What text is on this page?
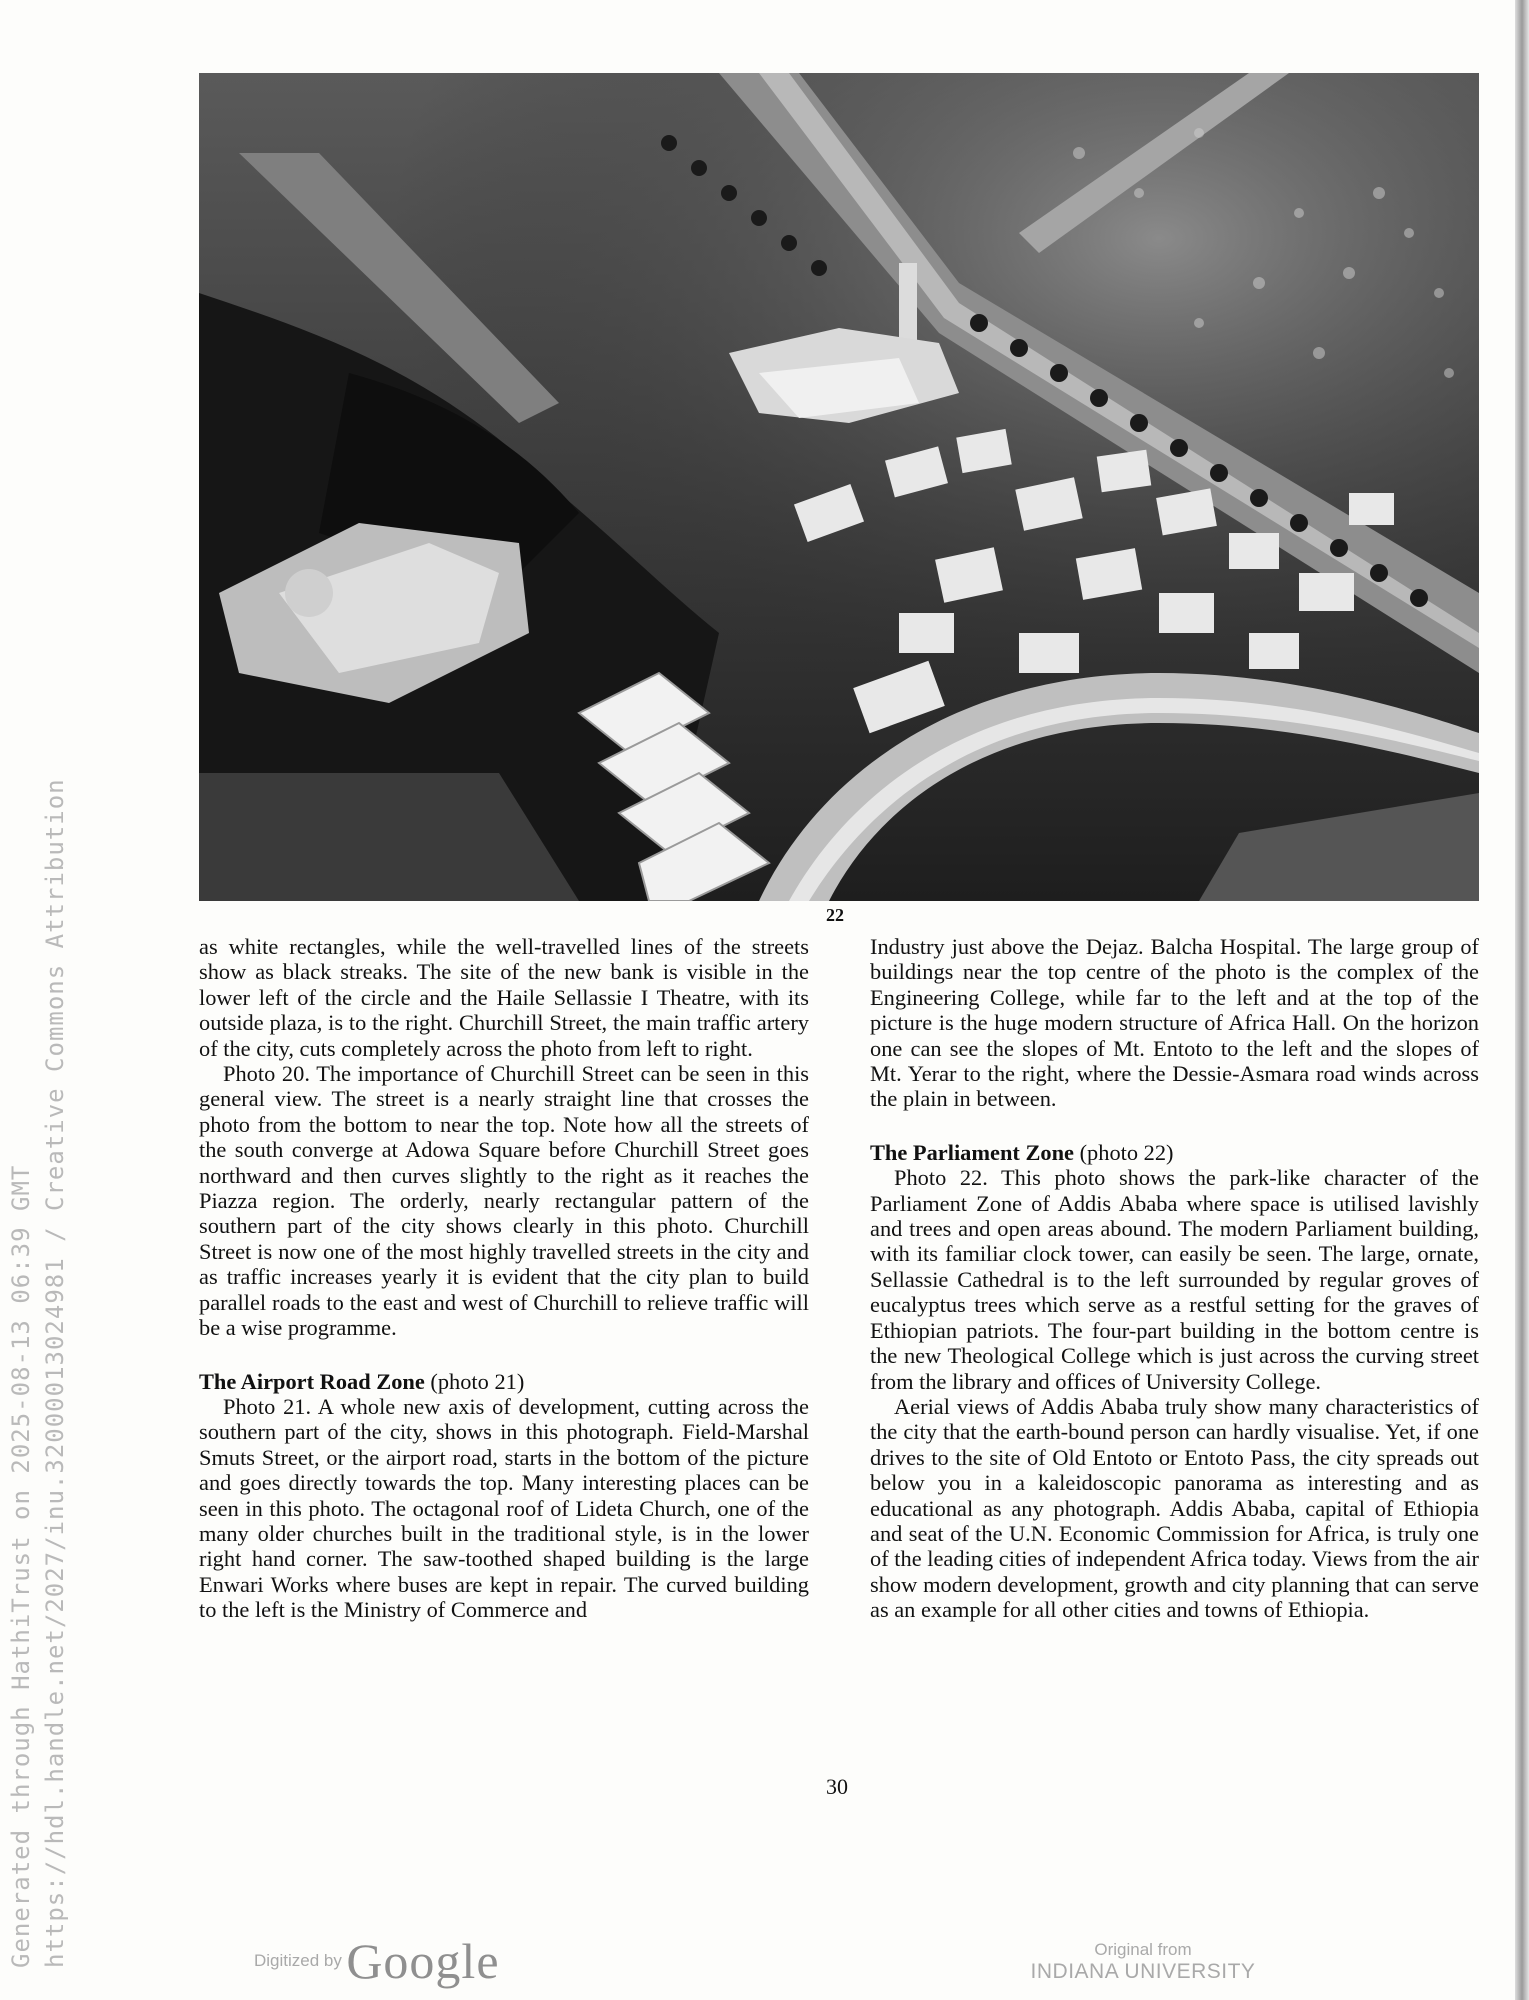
Generated through HathiTrust on 2025-08-13 06:39 GMT https://hdl.handle.net/2027/inu.32000013024981 / Creative Commons Attribution	22

as white rectangles, while the well-travelled lines of the streets show as black streaks. The site of the new bank is visible in the lower left of the circle and the Haile Sellassie I Theatre, with its outside plaza, is to the right. Churchill Street, the main traffic artery of the city, cuts completely across the photo from left to right.

Photo 20. The importance of Churchill Street can be seen in this general view. The street is a nearly straight line that crosses the photo from the bottom to near the top. Note how all the streets of the south converge at Adowa Square before Churchill Street goes northward and then curves slightly to the right as it reaches the Piazza region. The orderly, nearly rectangular pattern of the southern part of the city shows clearly in this photo. Churchill Street is now one of the most highly travelled streets in the city and as traffic increases yearly it is evident that the city plan to build parallel roads to the east and west of Churchill to relieve traffic will be a wise programme.

The Airport Road Zone (photo 21)

Photo 21. A whole new axis of development, cutting across the southern part of the city, shows in this photograph. Field-Marshal Smuts Street, or the airport road, starts in the bottom of the picture and goes directly towards the top. Many interesting places can be seen in this photo. The octagonal roof of Lideta Church, one of the many older churches built in the traditional style, is in the lower right hand corner. The saw-toothed shaped building is the large Enwari Works where buses are kept in repair. The curved building to the left is the Ministry of Commerce and

Industry just above the Dejaz. Balcha Hospital. The large group of buildings near the top centre of the photo is the complex of the Engineering College, while far to the left and at the top of the picture is the huge modern structure of Africa Hall. On the horizon one can see the slopes of Mt. Entoto to the left and the slopes of Mt. Yerar to the right, where the Dessie-Asmara road winds across the plain in between.

The Parliament Zone (photo 22)

Photo 22. This photo shows the park-like character of the Parliament Zone of Addis Ababa where space is utilised lavishly and trees and open areas abound. The modern Parliament building, with its familiar clock tower, can easily be seen. The large, ornate, Sellassie Cathedral is to the left surrounded by regular groves of eucalyptus trees which serve as a restful setting for the graves of Ethiopian patriots. The four-part building in the bottom centre is the new Theological College which is just across the curving street from the library and offices of University College.

Aerial views of Addis Ababa truly show many characteristics of the city that the earth-bound person can hardly visualise. Yet, if one drives to the site of Old Entoto or Entoto Pass, the city spreads out below you in a kaleidoscopic panorama as interesting and as educational as any photograph. Addis Ababa, capital of Ethiopia and seat of the U.N. Economic Commission for Africa, is truly one of the leading cities of independent Africa today. Views from the air show modern development, growth and city planning that can serve as an example for all other cities and towns of Ethiopia.

30
Digitized by Google	Original from
INDIANA UNIVERSITY
